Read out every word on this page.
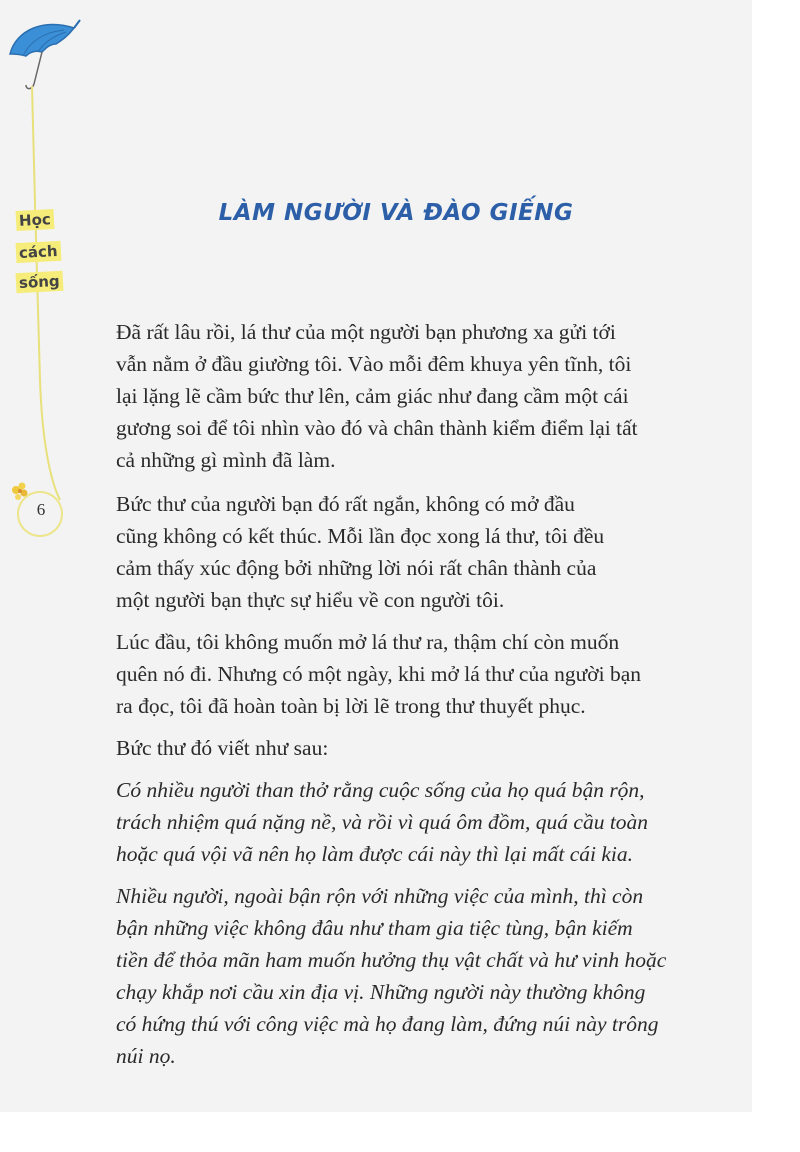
Học
cách
sống
6
LÀM NGƯỜI VÀ ĐÀO GIẾNG

Đã rất lâu rồi, lá thư của một người bạn phương xa gửi tới
vẫn nằm ở đầu giường tôi. Vào mỗi đêm khuya yên tĩnh, tôi
lại lặng lẽ cầm bức thư lên, cảm giác như đang cầm một cái
gương soi để tôi nhìn vào đó và chân thành kiểm điểm lại tất
cả những gì mình đã làm.

Bức thư của người bạn đó rất ngắn, không có mở đầu
cũng không có kết thúc. Mỗi lần đọc xong lá thư, tôi đều
cảm thấy xúc động bởi những lời nói rất chân thành của
một người bạn thực sự hiểu về con người tôi.

Lúc đầu, tôi không muốn mở lá thư ra, thậm chí còn muốn
quên nó đi. Nhưng có một ngày, khi mở lá thư của người bạn
ra đọc, tôi đã hoàn toàn bị lời lẽ trong thư thuyết phục.

Bức thư đó viết như sau:

Có nhiều người than thở rằng cuộc sống của họ quá bận rộn,
trách nhiệm quá nặng nề, và rồi vì quá ôm đồm, quá cầu toàn
hoặc quá vội vã nên họ làm được cái này thì lại mất cái kia.

Nhiều người, ngoài bận rộn với những việc của mình, thì còn
bận những việc không đâu như tham gia tiệc tùng, bận kiếm
tiền để thỏa mãn ham muốn hưởng thụ vật chất và hư vinh hoặc
chạy khắp nơi cầu xin địa vị. Những người này thường không
có hứng thú với công việc mà họ đang làm, đứng núi này trông
núi nọ.
